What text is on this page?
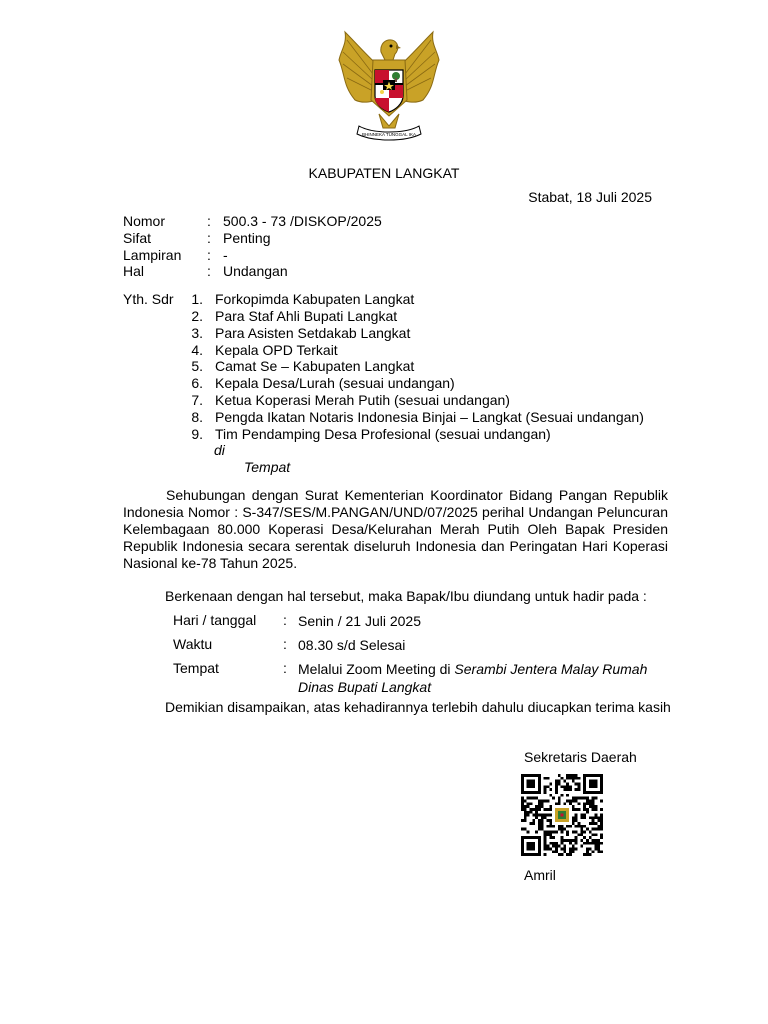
BHINNEKA TUNGGAL IKA
KABUPATEN LANGKAT
Stabat, 18 Juli 2025
Nomor	: 500.3 - 73 /DISKOP/2025
Sifat	: Penting
Lampiran : -
Hal	: Undangan
Yth. Sdr	1. Forkopimda Kabupaten Langkat
2. Para Staf Ahli Bupati Langkat
3. Para Asisten Setdakab Langkat
4. Kepala OPD Terkait
5. Camat Se – Kabupaten Langkat
6. Kepala Desa/Lurah (sesuai undangan)
7. Ketua Koperasi Merah Putih (sesuai undangan)
8. Pengda Ikatan Notaris Indonesia Binjai – Langkat (Sesuai undangan)
9. Tim Pendamping Desa Profesional (sesuai undangan)
di
Tempat
Sehubungan dengan Surat Kementerian Koordinator Bidang Pangan Republik Indonesia Nomor : S-347/SES/M.PANGAN/UND/07/2025 perihal Undangan Peluncuran Kelembagaan 80.000 Koperasi Desa/Kelurahan Merah Putih Oleh Bapak Presiden Republik Indonesia secara serentak diseluruh Indonesia dan Peringatan Hari Koperasi Nasional ke-78 Tahun 2025.
Berkenaan dengan hal tersebut, maka Bapak/Ibu diundang untuk hadir pada :
Hari / tanggal : Senin / 21 Juli 2025
Waktu	: 08.30 s/d Selesai
Tempat	: Melalui Zoom Meeting di Serambi Jentera Malay Rumah Dinas Bupati Langkat
Demikian disampaikan, atas kehadirannya terlebih dahulu diucapkan terima kasih
Sekretaris Daerah
Amril
